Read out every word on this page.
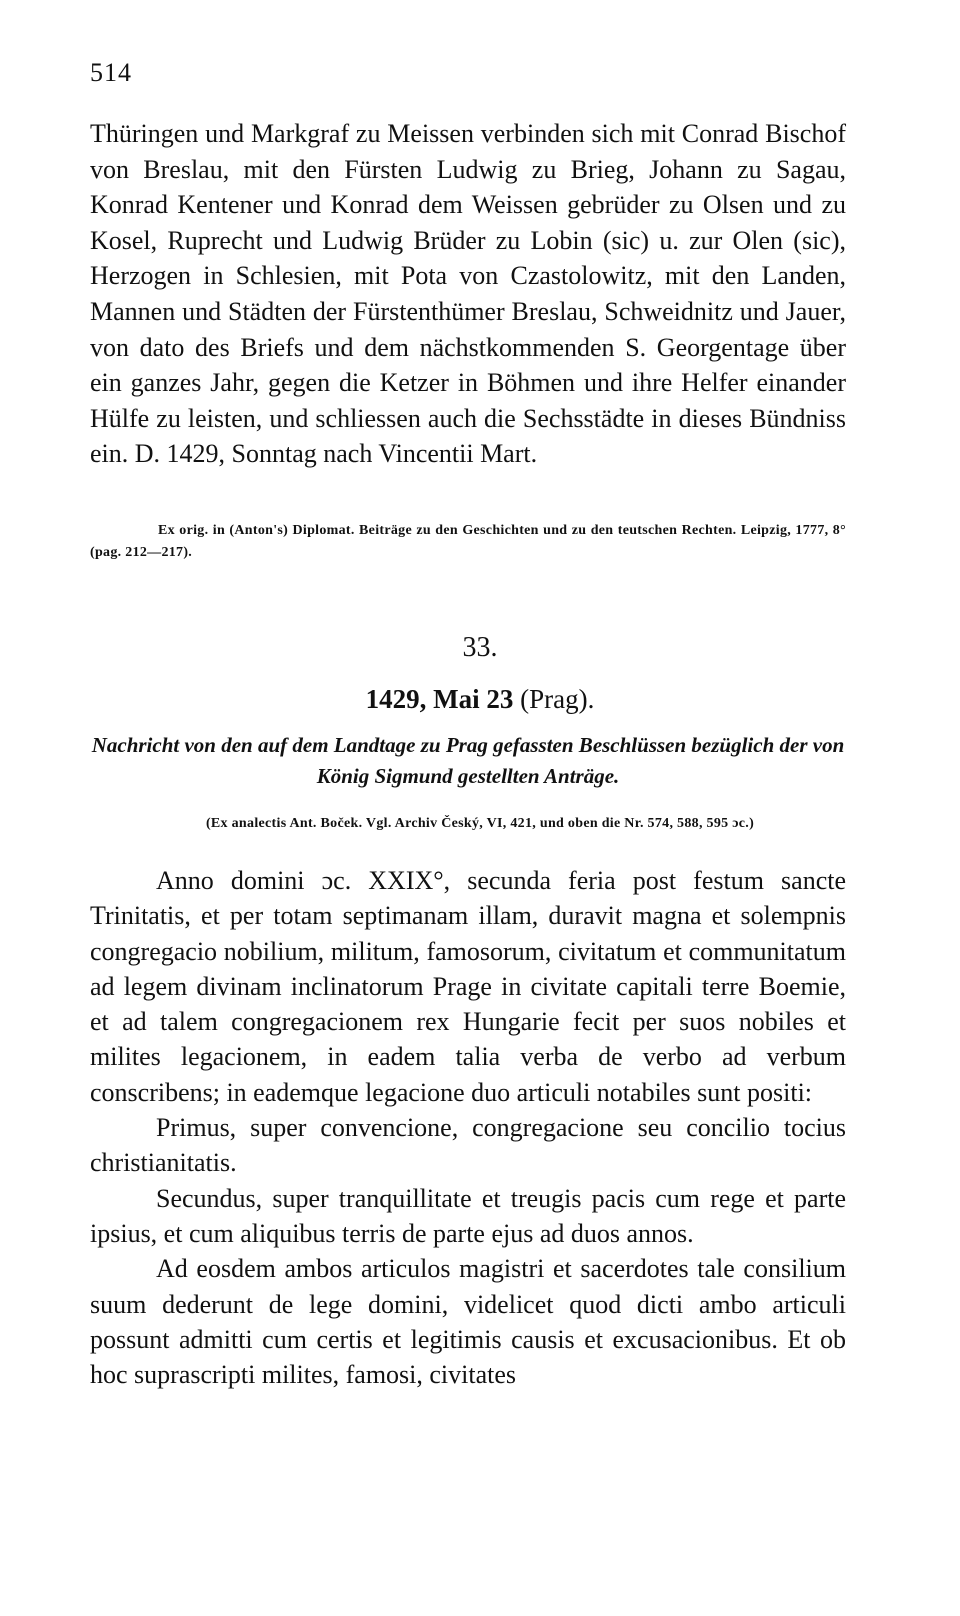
514

Thüringen und Markgraf zu Meissen verbinden sich mit Conrad Bischof von Breslau, mit den Fürsten Ludwig zu Brieg, Johann zu Sagau, Konrad Kentener und Konrad dem Weissen gebrüder zu Olsen und zu Kosel, Ruprecht und Ludwig Brüder zu Lobin (sic) u. zur Olen (sic), Herzogen in Schlesien, mit Pota von Czastolowitz, mit den Landen, Mannen und Städten der Fürstenthümer Breslau, Schweidnitz und Jauer, von dato des Briefs und dem nächstkommenden S. Georgentage über ein ganzes Jahr, gegen die Ketzer in Böhmen und ihre Helfer einander Hülfe zu leisten, und schliessen auch die Sechsstädte in dieses Bündniss ein. D. 1429, Sonntag nach Vincentii Mart.

Ex orig. in (Anton's) Diplomat. Beiträge zu den Geschichten und zu den teutschen Rechten. Leipzig, 1777, 8° (pag. 212—217).

33.
1429, Mai 23 (Prag).

Nachricht von den auf dem Landtage zu Prag gefassten Beschlüssen bezüglich der von König Sigmund gestellten Anträge.

(Ex analectis Ant. Boček. Vgl. Archiv Český, VI, 421, und oben die Nr. 574, 588, 595 ɔc.)

Anno domini ɔc. XXIX°, secunda feria post festum sancte Trinitatis, et per totam septimanam illam, duravit magna et solempnis congregacio nobilium, militum, famosorum, civitatum et communitatum ad legem divinam inclinatorum Prage in civitate capitali terre Boemie, et ad talem congregacionem rex Hungarie fecit per suos nobiles et milites legacionem, in eadem talia verba de verbo ad verbum conscribens; in eademque legacione duo articuli notabiles sunt positi:

Primus, super convencione, congregacione seu concilio tocius christianitatis.

Secundus, super tranquillitate et treugis pacis cum rege et parte ipsius, et cum aliquibus terris de parte ejus ad duos annos.

Ad eosdem ambos articulos magistri et sacerdotes tale consilium suum dederunt de lege domini, videlicet quod dicti ambo articuli possunt admitti cum certis et legitimis causis et excusacionibus. Et ob hoc suprascripti milites, famosi, civitates
